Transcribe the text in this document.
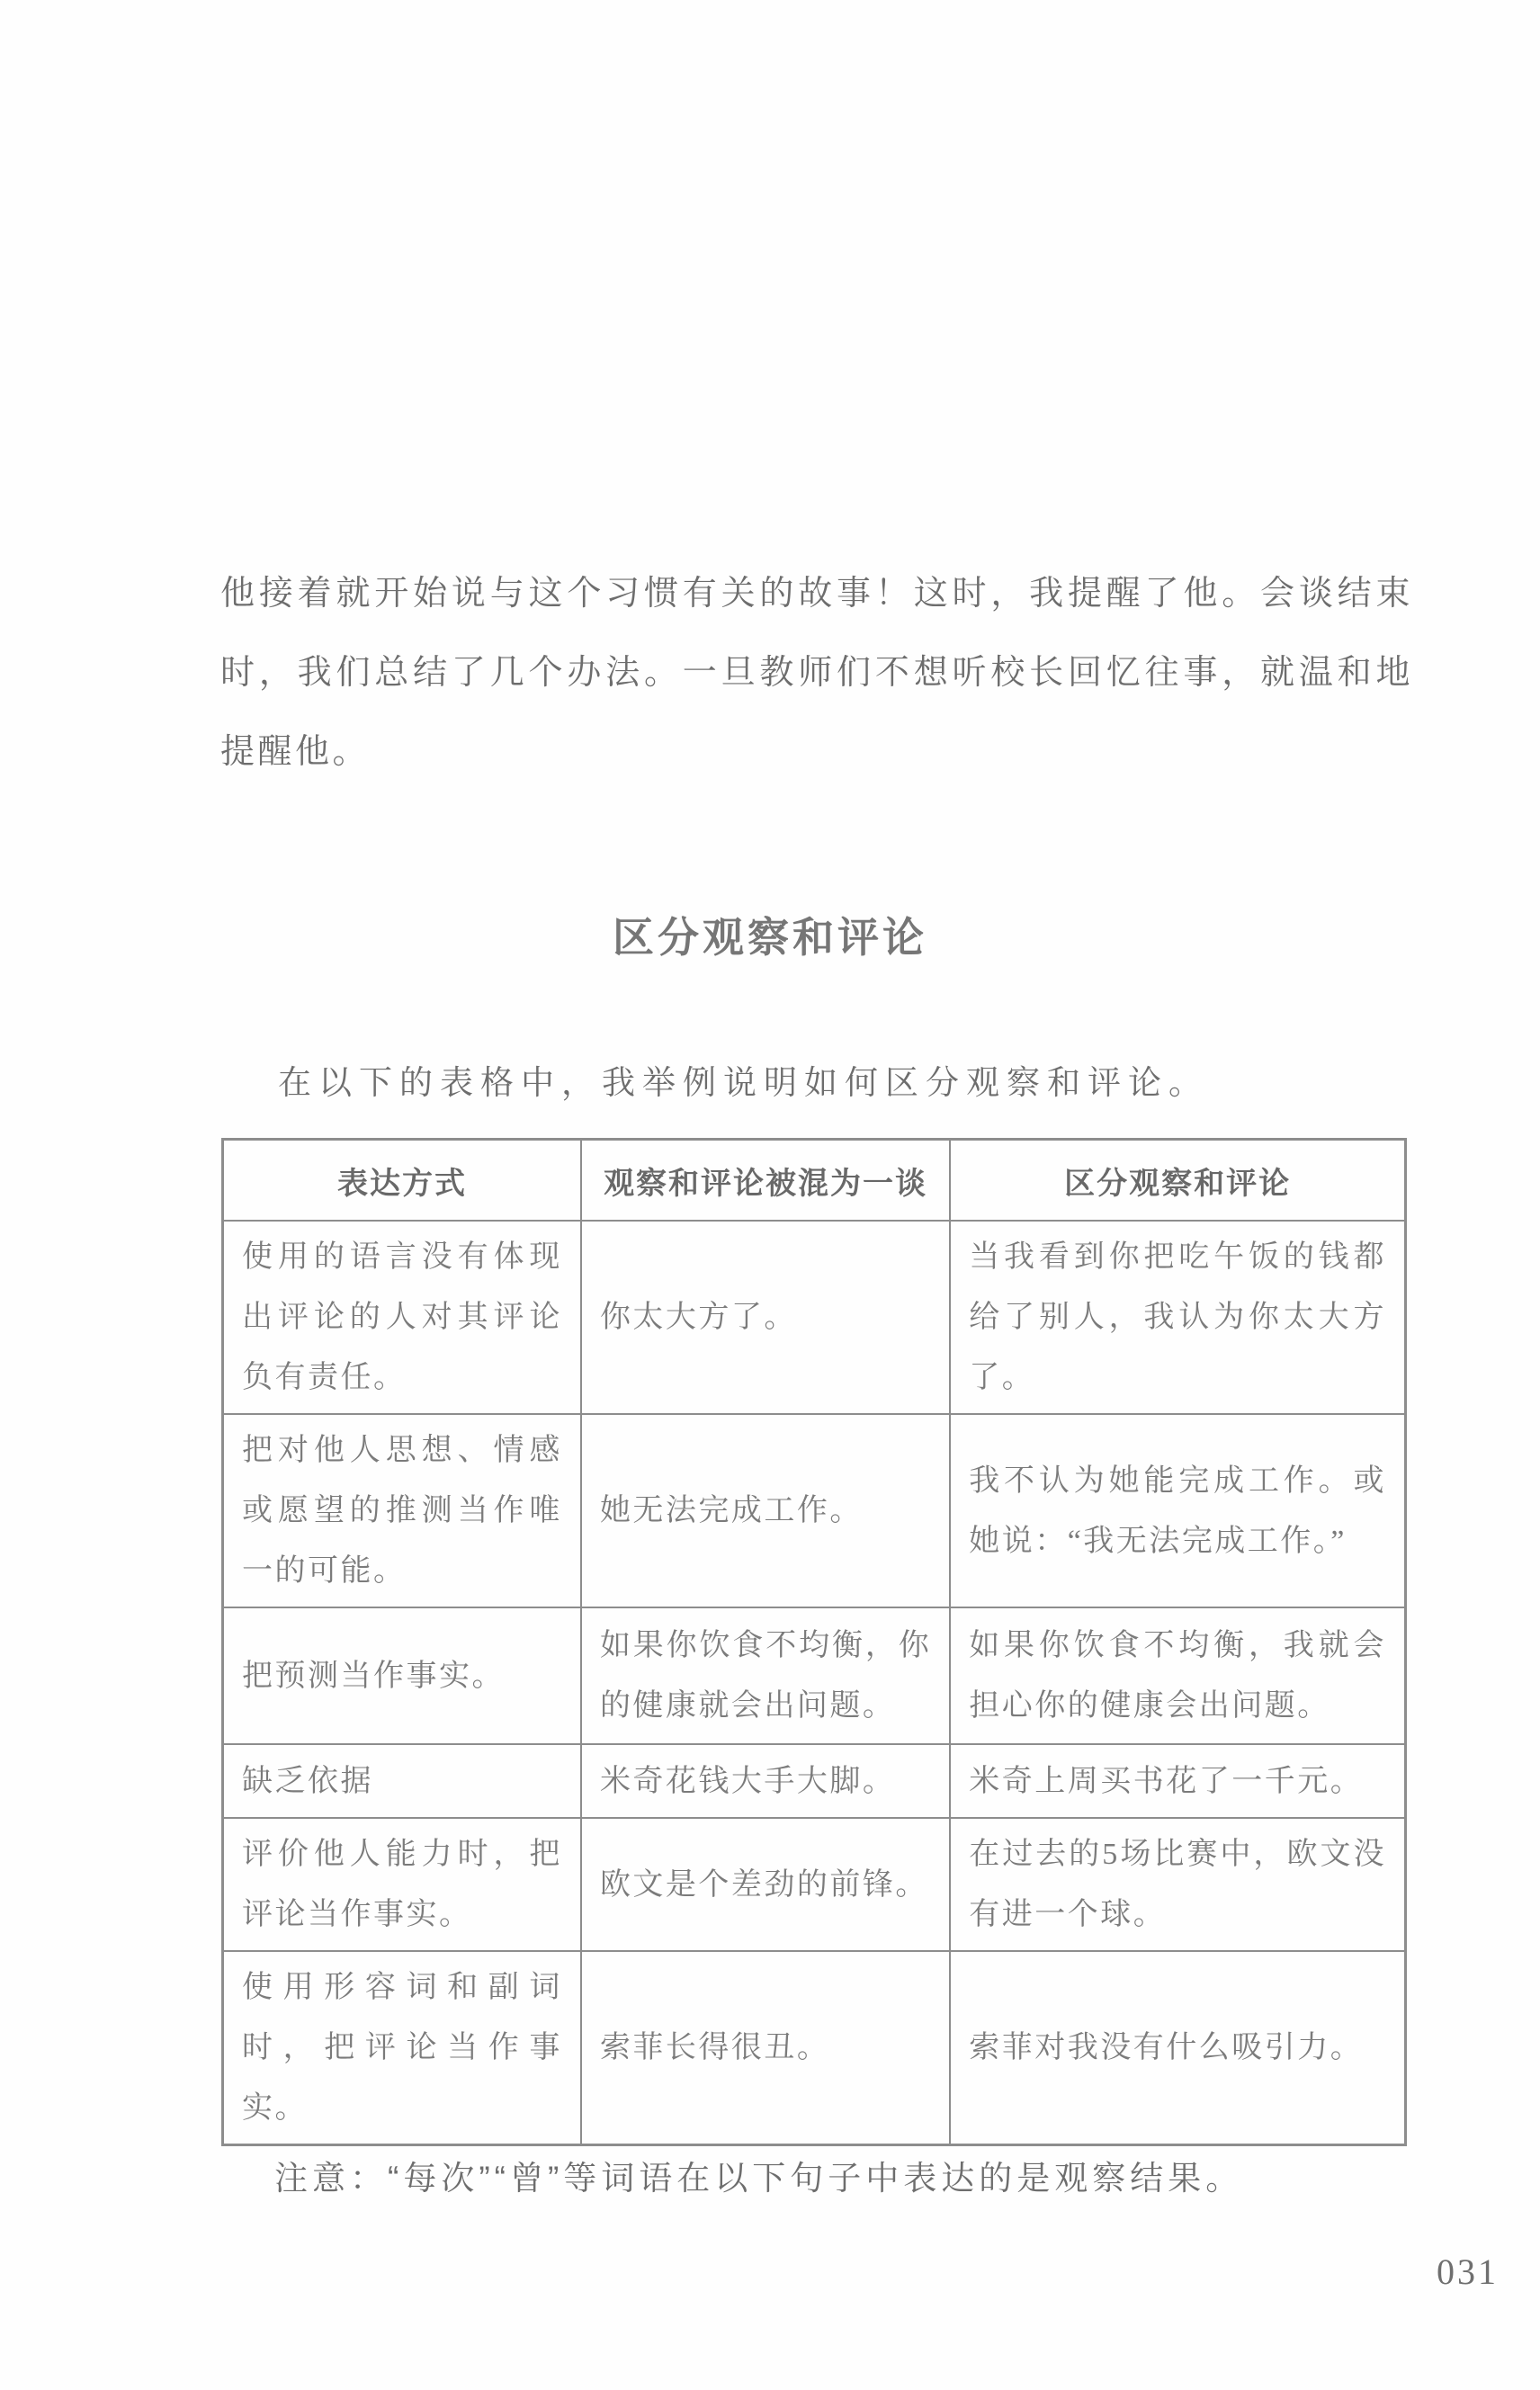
他接着就开始说与这个习惯有关的故事！这时，我提醒了他。会谈结束时，我们总结了几个办法。一旦教师们不想听校长回忆往事，就温和地提醒他。

区分观察和评论

在以下的表格中，我举例说明如何区分观察和评论。

表达方式	观察和评论被混为一谈	区分观察和评论
使用的语言没有体现出评论的人对其评论负有责任。	你太大方了。	当我看到你把吃午饭的钱都给了别人，我认为你太大方了。
把对他人思想、情感或愿望的推测当作唯一的可能。	她无法完成工作。	我不认为她能完成工作。或她说：“我无法完成工作。”
把预测当作事实。	如果你饮食不均衡，你的健康就会出问题。	如果你饮食不均衡，我就会担心你的健康会出问题。
缺乏依据	米奇花钱大手大脚。	米奇上周买书花了一千元。
评价他人能力时，把评论当作事实。	欧文是个差劲的前锋。	在过去的5场比赛中，欧文没有进一个球。
使用形容词和副词时，把评论当作事实。	索菲长得很丑。	索菲对我没有什么吸引力。

注意：“每次”“曾”等词语在以下句子中表达的是观察结果。

031
